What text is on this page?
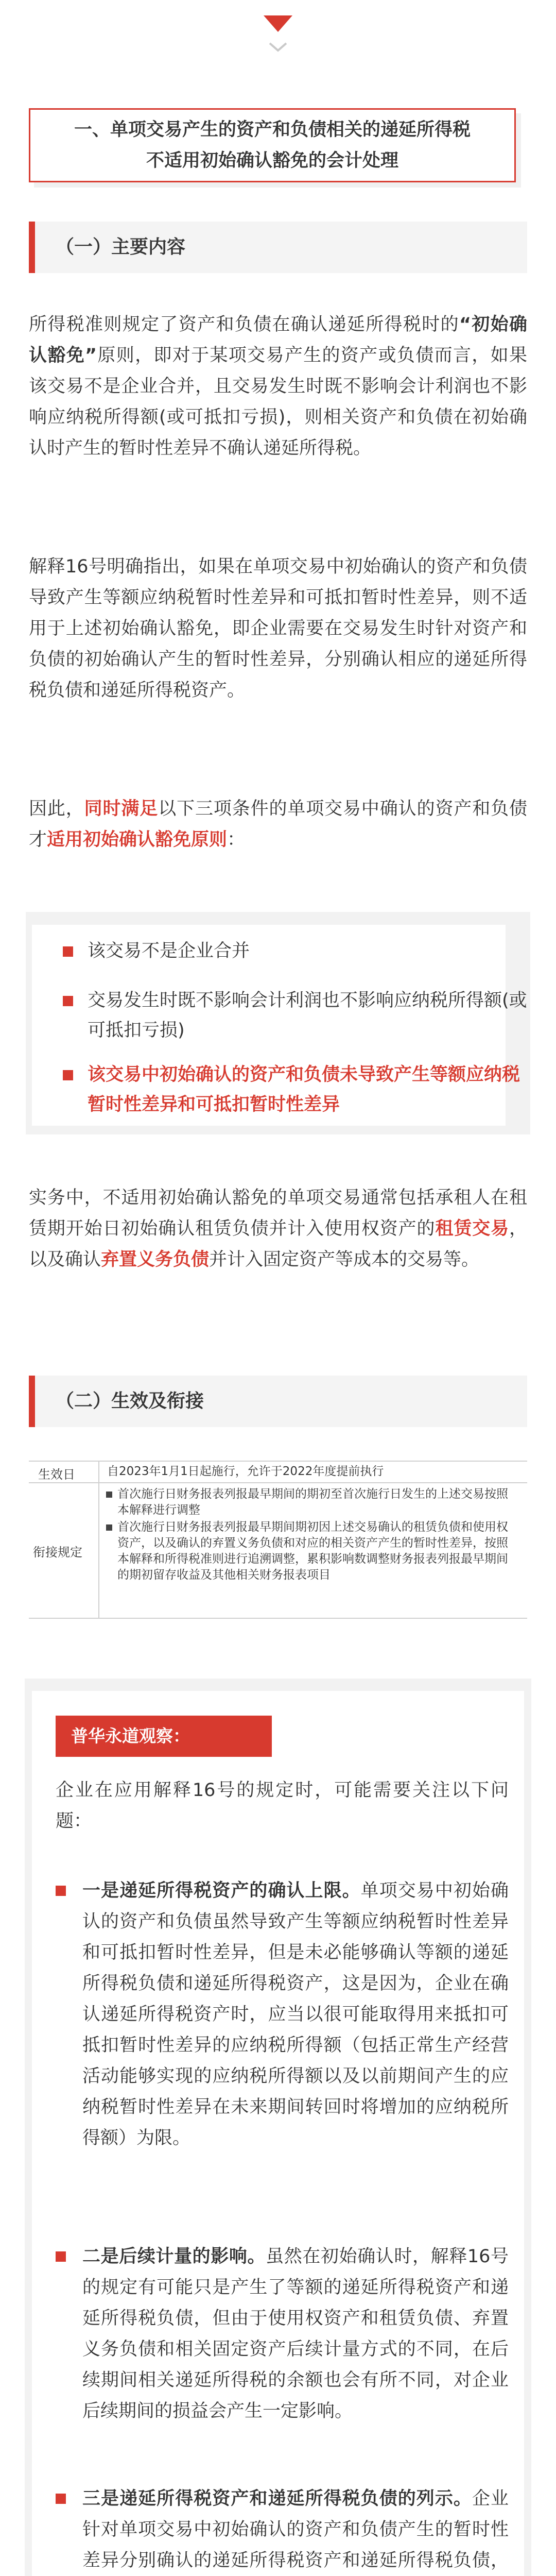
一、单项交易产生的资产和负债相关的递延所得税
不适用初始确认豁免的会计处理
（一）主要内容

所得税准则规定了资产和负债在确认递延所得税时的“初始确认豁免”原则，即对于某项交易产生的资产或负债而言，如果该交易不是企业合并，且交易发生时既不影响会计利润也不影响应纳税所得额(或可抵扣亏损)，则相关资产和负债在初始确认时产生的暂时性差异不确认递延所得税。

解释16号明确指出，如果在单项交易中初始确认的资产和负债导致产生等额应纳税暂时性差异和可抵扣暂时性差异，则不适用于上述初始确认豁免，即企业需要在交易发生时针对资产和负债的初始确认产生的暂时性差异，分别确认相应的递延所得税负债和递延所得税资产。

因此，同时满足以下三项条件的单项交易中确认的资产和负债才适用初始确认豁免原则：

该交易不是企业合并
交易发生时既不影响会计利润也不影响应纳税所得额(或可抵扣亏损)
该交易中初始确认的资产和负债未导致产生等额应纳税暂时性差异和可抵扣暂时性差异

实务中，不适用初始确认豁免的单项交易通常包括承租人在租赁期开始日初始确认租赁负债并计入使用权资产的租赁交易，以及确认弃置义务负债并计入固定资产等成本的交易等。

（二）生效及衔接
生效日	自2023年1月1日起施行，允许于2022年度提前执行
衔接规定
首次施行日财务报表列报最早期间的期初至首次施行日发生的上述交易按照本解释进行调整
首次施行日财务报表列报最早期间期初因上述交易确认的租赁负债和使用权资产，以及确认的弃置义务负债和对应的相关资产产生的暂时性差异，按照本解释和所得税准则进行追溯调整，累积影响数调整财务报表列报最早期间的期初留存收益及其他相关财务报表项目
普华永道观察：

企业在应用解释16号的规定时，可能需要关注以下问题：

一是递延所得税资产的确认上限。单项交易中初始确认的资产和负债虽然导致产生等额应纳税暂时性差异和可抵扣暂时性差异，但是未必能够确认等额的递延所得税负债和递延所得税资产，这是因为，企业在确认递延所得税资产时，应当以很可能取得用来抵扣可抵扣暂时性差异的应纳税所得额（包括正常生产经营活动能够实现的应纳税所得额以及以前期间产生的应纳税暂时性差异在未来期间转回时将增加的应纳税所得额）为限。

二是后续计量的影响。虽然在初始确认时，解释16号的规定有可能只是产生了等额的递延所得税资产和递延所得税负债，但由于使用权资产和租赁负债、弃置义务负债和相关固定资产后续计量方式的不同，在后续期间相关递延所得税的余额也会有所不同，对企业后续期间的损益会产生一定影响。

三是递延所得税资产和递延所得税负债的列示。企业针对单项交易中初始确认的资产和负债产生的暂时性差异分别确认的递延所得税资产和递延所得税负债，
